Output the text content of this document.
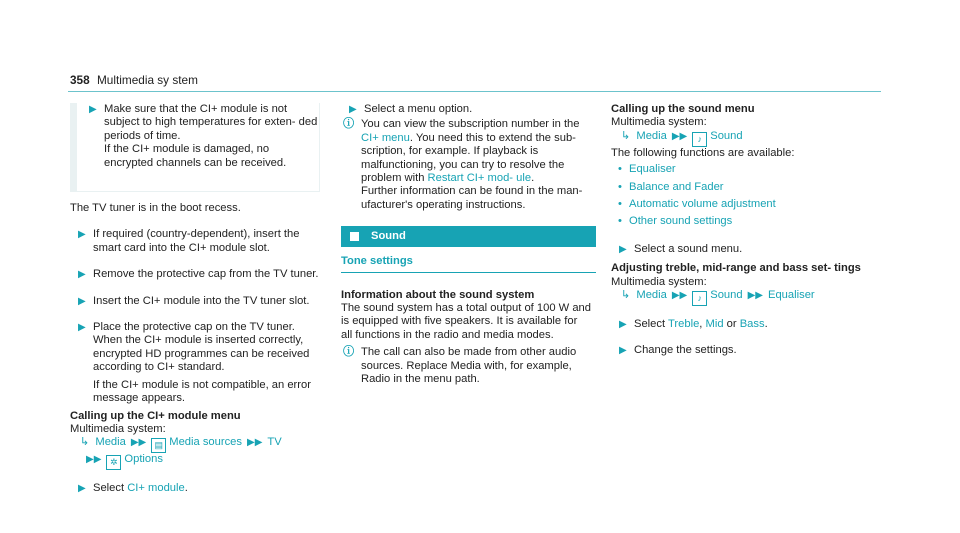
358 Multimedia sy stem
▶ Make sure that the CI+ module is not subject to high temperatures for exten‐ ded periods of time.
If the CI+ module is damaged, no encrypted channels can be received.
The TV tuner is in the boot recess.
▶ If required (country-dependent), insert the smart card into the CI+ module slot.
▶ Remove the protective cap from the TV tuner.
▶ Insert the CI+ module into the TV tuner slot.
▶ Place the protective cap on the TV tuner. When the CI+ module is inserted correctly, encrypted HD programmes can be received according to CI+ standard.
If the CI+ module is not compatible, an error message appears.
Calling up the CI+ module menu
Multimedia system:
↳ Media ▶▶ ▤ Media sources ▶▶ TV
▶▶ ✲ Options
▶ Select CI+ module.
▶ Select a menu option.
ⓘ You can view the subscription number in the CI+ menu. You need this to extend the sub- scription, for example. If playback is malfunctioning, you can try to resolve the problem with Restart CI+ mod- ule.
Further information can be found in the man- ufacturer's operating instructions.
Sound
Tone settings
Information about the sound system
The sound system has a total output of 100 W and is equipped with five speakers. It is available for all functions in the radio and media modes.
ⓘ The call can also be made from other audio sources. Replace Media with, for example, Radio in the menu path.
Calling up the sound menu
Multimedia system:
↳ Media ▶▶ ♪ Sound
The following functions are available:
• Equaliser
• Balance and Fader
• Automatic volume adjustment
• Other sound settings
▶ Select a sound menu.
Adjusting treble, mid-range and bass set- tings
Multimedia system:
↳ Media ▶▶ ♪ Sound ▶▶ Equaliser
▶ Select Treble, Mid or Bass.
▶ Change the settings.
